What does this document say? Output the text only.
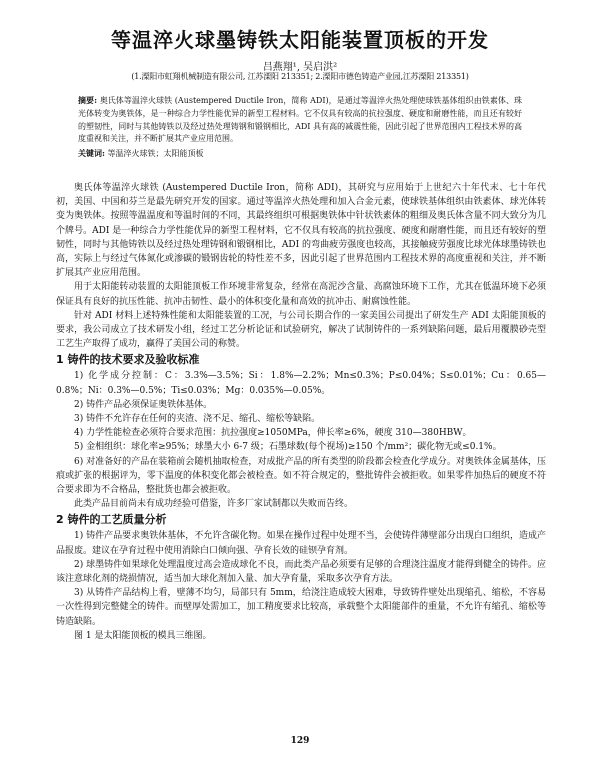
等温淬火球墨铸铁太阳能装置顶板的开发
吕燕翔¹, 吴启洪²
(1.溧阳市虹翔机械制造有限公司, 江苏溧阳 213351; 2.溧阳市德色铸造产业园,江苏溧阳 213351)
摘要: 奥氏体等温淬火球铁 (Austempered Ductile Iron，简称 ADI)，是通过等温淬火热处理使球铁基体组织由铁素体、珠光体转变为奥铁体，是一种综合力学性能优异的新型工程材料。它不仅具有较高的抗拉强度、硬度和耐磨性能，而且还有较好的塑韧性，同时与其他铸铁以及经过热处理铸钢和锻钢相比，ADI 具有高的减震性能，因此引起了世界范围内工程技术界的高度重视和关注，并不断扩展其产业应用范围。
关键词: 等温淬火球铁；太阳能顶板

奥氏体等温淬火球铁 (Austempered Ductile Iron，简称 ADI)，其研究与应用始于上世纪六十年代末、七十年代初，美国、中国和芬兰是最先研究开发的国家。通过等温淬火热处理和加入合金元素，使球铁基体组织由铁素体、球光体转变为奥铁体。按照等温温度和等温时间的不同，其最终组织可根据奥铁体中针状铁素体的粗细及奥氏体含量不同大致分为几个牌号。ADI 是一种综合力学性能优异的新型工程材料，它不仅具有较高的抗拉强度、硬度和耐磨性能，而且还有较好的塑韧性，同时与其他铸铁以及经过热处理铸钢和锻钢相比，ADI 的弯曲疲劳强度也较高，其接触疲劳强度比球光体球墨铸铁也高，实际上与经过气体氮化或渗碳的锻钢齿轮的特性差不多，因此引起了世界范围内工程技术界的高度重视和关注，并不断扩展其产业应用范围。

用于太阳能转动装置的太阳能顶板工作环境非常复杂，经常在高泥沙含量、高腐蚀环境下工作，尤其在低温环境下必须保证具有良好的抗压性能、抗冲击韧性、最小的体积变化量和高效的抗冲击、耐腐蚀性能。

针对 ADI 材料上述特殊性能和太阳能装置的工况，与公司长期合作的一家美国公司提出了研发生产 ADI 太阳能顶板的要求，我公司成立了技术研发小组，经过工艺分析论证和试验研究，解决了试制铸件的一系列缺陷问题，最后用覆膜砂壳型工艺生产取得了成功，赢得了美国公司的称赞。

1 铸件的技术要求及验收标准

1) 化学成分控制：C：3.3%—3.5%；Si：1.8%—2.2%；Mn≤0.3%；P≤0.04%；S≤0.01%；Cu：0.65—0.8%；Ni：0.3%—0.5%；Ti≤0.03%；Mg：0.035%—0.05%。

2) 铸件产品必须保证奥铁体基体。

3) 铸件不允许存在任何的夹渣、浇不足、缩孔、缩松等缺陷。

4) 力学性能检查必须符合要求范围：抗拉强度≥1050MPa，伸长率≥6%，硬度 310—380HBW。

5) 金相组织：球化率≥95%；球墨大小 6-7 级；石墨球数(每个视场)≥150 个/mm²；碳化物无或≤0.1%。

6) 对准备好的产品在装箱前会随机抽取检查，对成批产品的所有类型的阶段都会检查化学成分。对奥铁体金属基体，压痕或扩张的根据评为，零下温度的体积变化都会被检查。如不符合规定的，整批铸件会被拒收。如果零件加热后的硬度不符合要求即为不合格品，整批货也都会被拒收。

此类产品目前尚未有成功经验可借鉴，许多厂家试制都以失败而告终。

2 铸件的工艺质量分析

1) 铸件产品要求奥铁体基体，不允许含碳化物。如果在操作过程中处理不当，会使铸件薄壁部分出现白口组织，造成产品报废。建议在孕育过程中使用消除白口倾向强、孕育长效的硅钡孕育剂。

2) 球墨铸件如果球化处理温度过高会造成球化不良，而此类产品必须要有足够的合理浇注温度才能得到健全的铸件。应该注意球化剂的烧损情况，适当加大球化剂加入量、加大孕育量，采取多次孕育方法。

3) 从铸件产品结构上看，壁薄不均匀，局部只有 5mm，给浇注造成较大困难，导致铸件壁处出现缩孔、缩松，不容易一次性得到完整健全的铸件。而壁厚处需加工，加工精度要求比较高，承载整个太阳能部件的重量，不允许有缩孔、缩松等铸造缺陷。

图 1 是太阳能顶板的模具三维图。

129
